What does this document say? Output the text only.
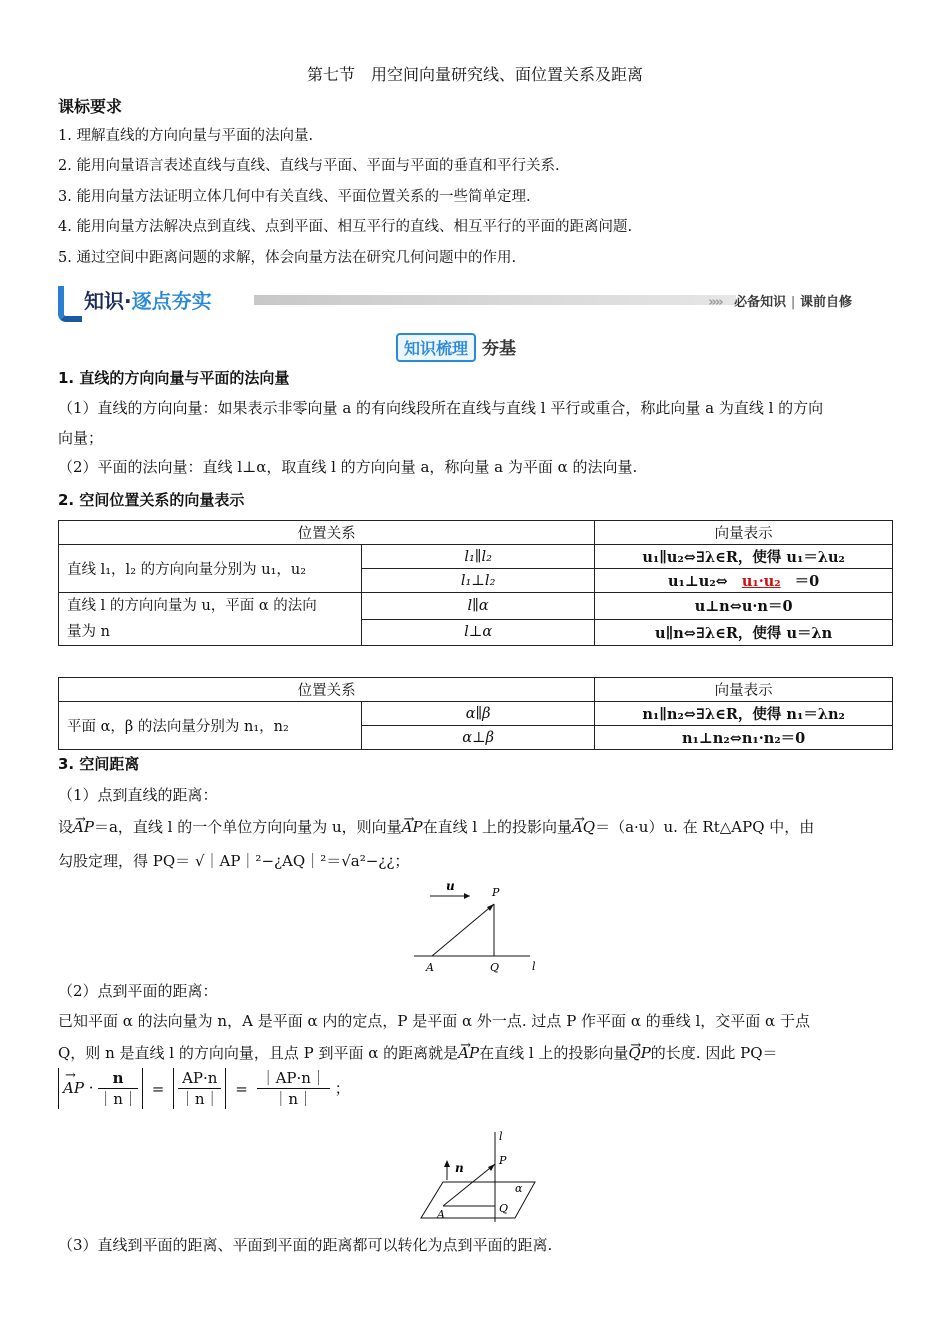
第七节　用空间向量研究线、面位置关系及距离
课标要求
1. 理解直线的方向向量与平面的法向量.
2. 能用向量语言表述直线与直线、直线与平面、平面与平面的垂直和平行关系.
3. 能用向量方法证明立体几何中有关直线、平面位置关系的一些简单定理.
4. 能用向量方法解决点到直线、点到平面、相互平行的直线、相互平行的平面的距离问题.
5. 通过空间中距离问题的求解，体会向量方法在研究几何问题中的作用.
知识·逐点夯实	›››› 必备知识 | 课前自修
知识梳理 夯基
1. 直线的方向向量与平面的法向量
（1）直线的方向向量：如果表示非零向量 a 的有向线段所在直线与直线 l 平行或重合，称此向量 a 为直线 l 的方向
向量；
（2）平面的法向量：直线 l⊥α，取直线 l 的方向向量 a，称向量 a 为平面 α 的法向量.
2. 空间位置关系的向量表示
位置关系		向量表示
直线 l₁，l₂ 的方向向量分别为 u₁，u₂	l₁∥l₂	u₁∥u₂⇔∃λ∈R，使得 u₁＝λu₂
	l₁⊥l₂	u₁⊥u₂⇔ u₁·u₂ ＝0
直线 l 的方向向量为 u，平面 α 的法向
量为 n	l∥α	u⊥n⇔u·n＝0
	l⊥α	u∥n⇔∃λ∈R，使得 u＝λn
位置关系		向量表示
平面 α，β 的法向量分别为 n₁，n₂	α∥β	n₁∥n₂⇔∃λ∈R，使得 n₁＝λn₂
	α⊥β	n₁⊥n₂⇔n₁·n₂＝0
3. 空间距离
（1）点到直线的距离：
设→ AP＝a，直线 l 的一个单位方向向量为 u，则向量→ AP在直线 l 上的投影向量→ AQ＝（a·u）u. 在 Rt△APQ 中，由
勾股定理，得 PQ＝ √｜AP｜²−¿AQ｜²＝√a²−¿¿；
u	P
A	Q	l
（2）点到平面的距离：
已知平面 α 的法向量为 n，A 是平面 α 内的定点，P 是平面 α 外一点. 过点 P 作平面 α 的垂线 l，交平面 α 于点
Q，则 n 是直线 l 的方向向量，且点 P 到平面 α 的距离就是→ AP在直线 l 上的投影向量→ QP的长度. 因此 PQ＝
→ AP · $\frac{n}{|n|} = \frac{AP\cdot n}{|n|} = \frac{|AP\cdot n|}{|n|}$ ；
l
n
P
α
A	Q
（3）直线到平面的距离、平面到平面的距离都可以转化为点到平面的距离.
